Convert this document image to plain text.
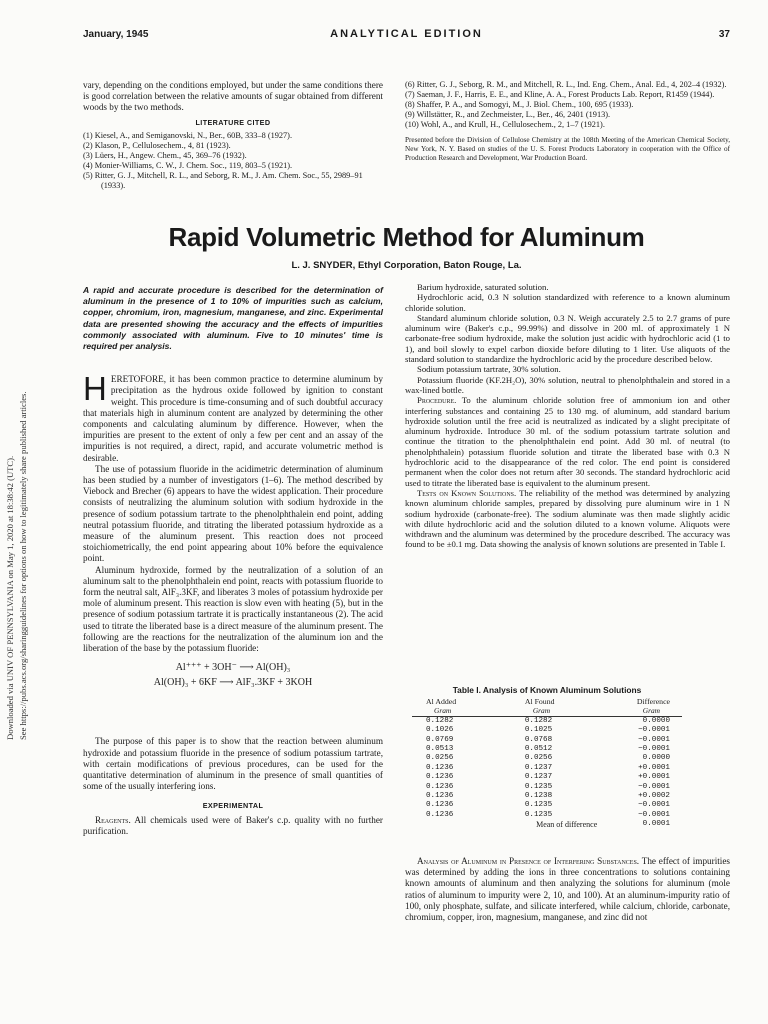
Downloaded via UNIV OF PENNSYLVANIA on May 1, 2020 at 18:38:42 (UTC). See https://pubs.acs.org/sharingguidelines for options on how to legitimately share published articles.
January, 1945	ANALYTICAL EDITION	37

vary, depending on the conditions employed, but under the same conditions there is good correlation between the relative amounts of sugar obtained from different woods by the two methods.

LITERATURE CITED
(1) Kiesel, A., and Semiganovski, N., Ber., 60B, 333–8 (1927).
(2) Klason, P., Cellulosechem., 4, 81 (1923).
(3) Lüers, H., Angew. Chem., 45, 369–76 (1932).
(4) Monier-Williams, C. W., J. Chem. Soc., 119, 803–5 (1921).
(5) Ritter, G. J., Mitchell, R. L., and Seborg, R. M., J. Am. Chem. Soc., 55, 2989–91 (1933).
(6) Ritter, G. J., Seborg, R. M., and Mitchell, R. L., Ind. Eng. Chem., Anal. Ed., 4, 202–4 (1932).
(7) Saeman, J. F., Harris, E. E., and Kline, A. A., Forest Products Lab. Report, R1459 (1944).
(8) Shaffer, P. A., and Somogyi, M., J. Biol. Chem., 100, 695 (1933).
(9) Willstätter, R., and Zechmeister, L., Ber., 46, 2401 (1913).
(10) Wohl, A., and Krull, H., Cellulosechem., 2, 1–7 (1921).

Presented before the Division of Cellulose Chemistry at the 108th Meeting of the American Chemical Society, New York, N. Y. Based on studies of the U. S. Forest Products Laboratory in cooperation with the Office of Production Research and Development, War Production Board.

Rapid Volumetric Method for Aluminum
L. J. SNYDER, Ethyl Corporation, Baton Rouge, La.

A rapid and accurate procedure is described for the determination of aluminum in the presence of 1 to 10% of impurities such as calcium, copper, chromium, iron, magnesium, manganese, and zinc. Experimental data are presented showing the accuracy and the effects of impurities commonly associated with aluminum. Five to 10 minutes' time is required per analysis.

HERETOFORE, it has been common practice to determine aluminum by precipitation as the hydrous oxide followed by ignition to constant weight. This procedure is time-consuming and of such doubtful accuracy that materials high in aluminum content are analyzed by determining the other components and calculating aluminum by difference. However, when the impurities are present to the extent of only a few per cent and an assay of the impurities is not required, a direct, rapid, and accurate volumetric method is desirable.

The use of potassium fluoride in the acidimetric determination of aluminum has been studied by a number of investigators (1–6). The method described by Viebock and Brecher (6) appears to have the widest application. Their procedure consists of neutralizing the aluminum solution with sodium hydroxide in the presence of sodium potassium tartrate to the phenolphthalein end point, adding neutral potassium fluoride, and titrating the liberated potassium hydroxide as a measure of the aluminum present. This reaction does not proceed stoichiometrically, the end point appearing about 10% before the equivalence point.

Aluminum hydroxide, formed by the neutralization of a solution of an aluminum salt to the phenolphthalein end point, reacts with potassium fluoride to form the neutral salt, AlF₃.3KF, and liberates 3 moles of potassium hydroxide per mole of aluminum present. This reaction is slow even with heating (5), but in the presence of sodium potassium tartrate it is practically instantaneous (2). The acid used to titrate the liberated base is a direct measure of the aluminum present. The following are the reactions for the neutralization of the aluminum ion and the liberation of the base by the potassium fluoride:

Al⁺⁺⁺ + 3OH⁻ ⟶ Al(OH)₃
Al(OH)₃ + 6KF ⟶ AlF₃.3KF + 3KOH

The purpose of this paper is to show that the reaction between aluminum hydroxide and potassium fluoride in the presence of sodium potassium tartrate, with certain modifications of previous procedures, can be used for the quantitative determination of aluminum in the presence of small quantities of some of the usually interfering ions.

EXPERIMENTAL

Reagents. All chemicals used were of Baker's c.p. quality with no further purification.

Barium hydroxide, saturated solution.

Hydrochloric acid, 0.3 N solution standardized with reference to a known aluminum chloride solution.

Standard aluminum chloride solution, 0.3 N. Weigh accurately 2.5 to 2.7 grams of pure aluminum wire (Baker's c.p., 99.99%) and dissolve in 200 ml. of approximately 1 N carbonate-free sodium hydroxide, make the solution just acidic with hydrochloric acid (1 to 1), and boil slowly to expel carbon dioxide before diluting to 1 liter. Use aliquots of the standard solution to standardize the hydrochloric acid by the procedure described below.

Sodium potassium tartrate, 30% solution.

Potassium fluoride (KF.2H₂O), 30% solution, neutral to phenolphthalein and stored in a wax-lined bottle.

Procedure. To the aluminum chloride solution free of ammonium ion and other interfering substances and containing 25 to 130 mg. of aluminum, add standard barium hydroxide solution until the free acid is neutralized as indicated by a slight precipitate of aluminum hydroxide. Introduce 30 ml. of the sodium potassium tartrate solution and continue the titration to the phenolphthalein end point. Add 30 ml. of neutral (to phenolphthalein) potassium fluoride solution and titrate the liberated base with 0.3 N hydrochloric acid to the disappearance of the red color. The end point is considered permanent when the color does not return after 30 seconds. The standard hydrochloric acid used to titrate the liberated base is equivalent to the aluminum present.

Tests on Known Solutions. The reliability of the method was determined by analyzing known aluminum chloride samples, prepared by dissolving pure aluminum wire in 1 N sodium hydroxide (carbonate-free). The sodium aluminate was then made slightly acidic with dilute hydrochloric acid and the solution diluted to a known volume. Aliquots were withdrawn and the aluminum was determined by the procedure described. The accuracy was found to be ±0.1 mg. Data showing the analysis of known solutions are presented in Table I.

Table I. Analysis of Known Aluminum Solutions
Al Added	Al Found	Difference
Gram	Gram	Gram
0.1282	0.1282	0.0000
0.1026	0.1025	−0.0001
0.0769	0.0768	−0.0001
0.0513	0.0512	−0.0001
0.0256	0.0256	0.0000
0.1236	0.1237	+0.0001
0.1236	0.1237	+0.0001
0.1236	0.1235	−0.0001
0.1236	0.1238	+0.0002
0.1236	0.1235	−0.0001
0.1236	0.1235	−0.0001
Mean of difference		0.0001

Analysis of Aluminum in Presence of Interfering Substances. The effect of impurities was determined by adding the ions in three concentrations to solutions containing known amounts of aluminum and then analyzing the solutions for aluminum (mole ratios of aluminum to impurity were 2, 10, and 100). At an aluminum-impurity ratio of 100, only phosphate, sulfate, and silicate interfered, while calcium, chloride, carbonate, chromium, copper, iron, magnesium, manganese, and zinc did not
